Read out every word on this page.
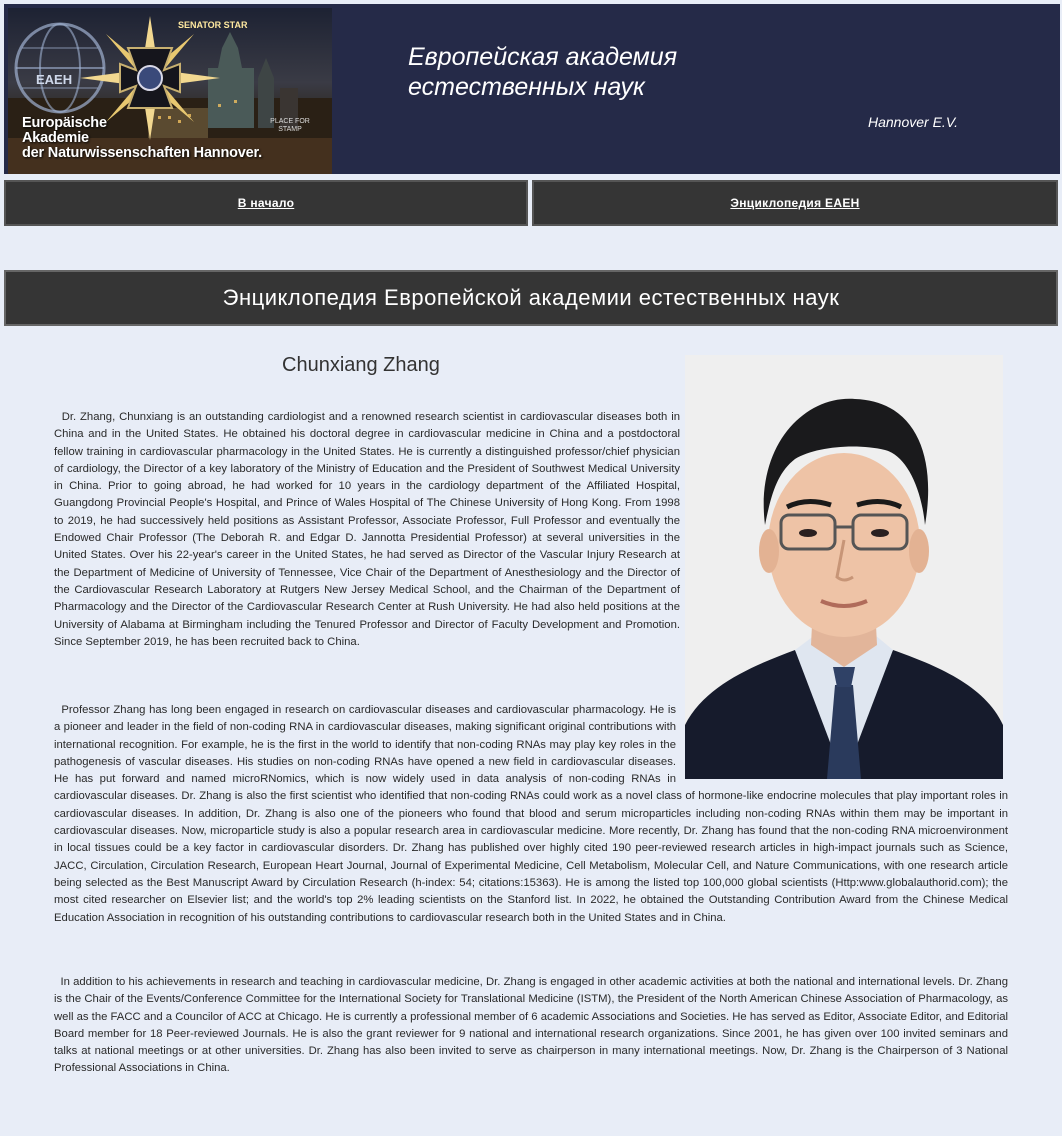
SENATOR STAR
EAEH
PLACE FOR STAMP
Europäische
Akademie
der Naturwissenschaften Hannover.
Европейская академия
естественных наук
Hannover E.V.
В начало	Энциклопедия ЕАЕН
Энциклопедия Европейской академии естественных наук
Chunxiang Zhang

Dr. Zhang, Chunxiang is an outstanding cardiologist and a renowned research scientist in cardiovascular diseases both in China and in the United States. He obtained his doctoral degree in cardiovascular medicine in China and a postdoctoral fellow training in cardiovascular pharmacology in the United States. He is currently a distinguished professor/chief physician of cardiology, the Director of a key laboratory of the Ministry of Education and the President of Southwest Medical University in China. Prior to going abroad, he had worked for 10 years in the cardiology department of the Affiliated Hospital, Guangdong Provincial People's Hospital, and Prince of Wales Hospital of The Chinese University of Hong Kong. From 1998 to 2019, he had successively held positions as Assistant Professor, Associate Professor, Full Professor and eventually the Endowed Chair Professor (The Deborah R. and Edgar D. Jannotta Presidential Professor) at several universities in the United States. Over his 22-year's career in the United States, he had served as Director of the Vascular Injury Research at the Department of Medicine of University of Tennessee, Vice Chair of the Department of Anesthesiology and the Director of the Cardiovascular Research Laboratory at Rutgers New Jersey Medical School, and the Chairman of the Department of Pharmacology and the Director of the Cardiovascular Research Center at Rush University. He had also held positions at the University of Alabama at Birmingham including the Tenured Professor and Director of Faculty Development and Promotion. Since September 2019, he has been recruited back to China.

Professor Zhang has long been engaged in research on cardiovascular diseases and cardiovascular pharmacology. He is a pioneer and leader in the field of non-coding RNA in cardiovascular diseases, making significant original contributions with international recognition. For example, he is the first in the world to identify that non-coding RNAs may play key roles in the pathogenesis of vascular diseases. His studies on non-coding RNAs have opened a new field in cardiovascular diseases. He has put forward and named microRNomics, which is now widely used in data analysis of non-coding RNAs in cardiovascular diseases. Dr. Zhang is also the first scientist who identified that non-coding RNAs could work as a novel class of hormone-like endocrine molecules that play important roles in cardiovascular diseases. In addition, Dr. Zhang is also one of the pioneers who found that blood and serum microparticles including non-coding RNAs within them may be important in cardiovascular diseases. Now, microparticle study is also a popular research area in cardiovascular medicine. More recently, Dr. Zhang has found that the non-coding RNA microenvironment in local tissues could be a key factor in cardiovascular disorders. Dr. Zhang has published over highly cited 190 peer-reviewed research articles in high-impact journals such as Science, JACC, Circulation, Circulation Research, European Heart Journal, Journal of Experimental Medicine, Cell Metabolism, Molecular Cell, and Nature Communications, with one research article being selected as the Best Manuscript Award by Circulation Research (h-index: 54; citations:15363). He is among the listed top 100,000 global scientists (Http:www.globalauthorid.com); the most cited researcher on Elsevier list; and the world's top 2% leading scientists on the Stanford list. In 2022, he obtained the Outstanding Contribution Award from the Chinese Medical Education Association in recognition of his outstanding contributions to cardiovascular research both in the United States and in China.

In addition to his achievements in research and teaching in cardiovascular medicine, Dr. Zhang is engaged in other academic activities at both the national and international levels. Dr. Zhang is the Chair of the Events/Conference Committee for the International Society for Translational Medicine (ISTM), the President of the North American Chinese Association of Pharmacology, as well as the FACC and a Councilor of ACC at Chicago. He is currently a professional member of 6 academic Associations and Societies. He has served as Editor, Associate Editor, and Editorial Board member for 18 Peer-reviewed Journals. He is also the grant reviewer for 9 national and international research organizations. Since 2001, he has given over 100 invited seminars and talks at national meetings or at other universities. Dr. Zhang has also been invited to serve as chairperson in many international meetings. Now, Dr. Zhang is the Chairperson of 3 National Professional Associations in China.
